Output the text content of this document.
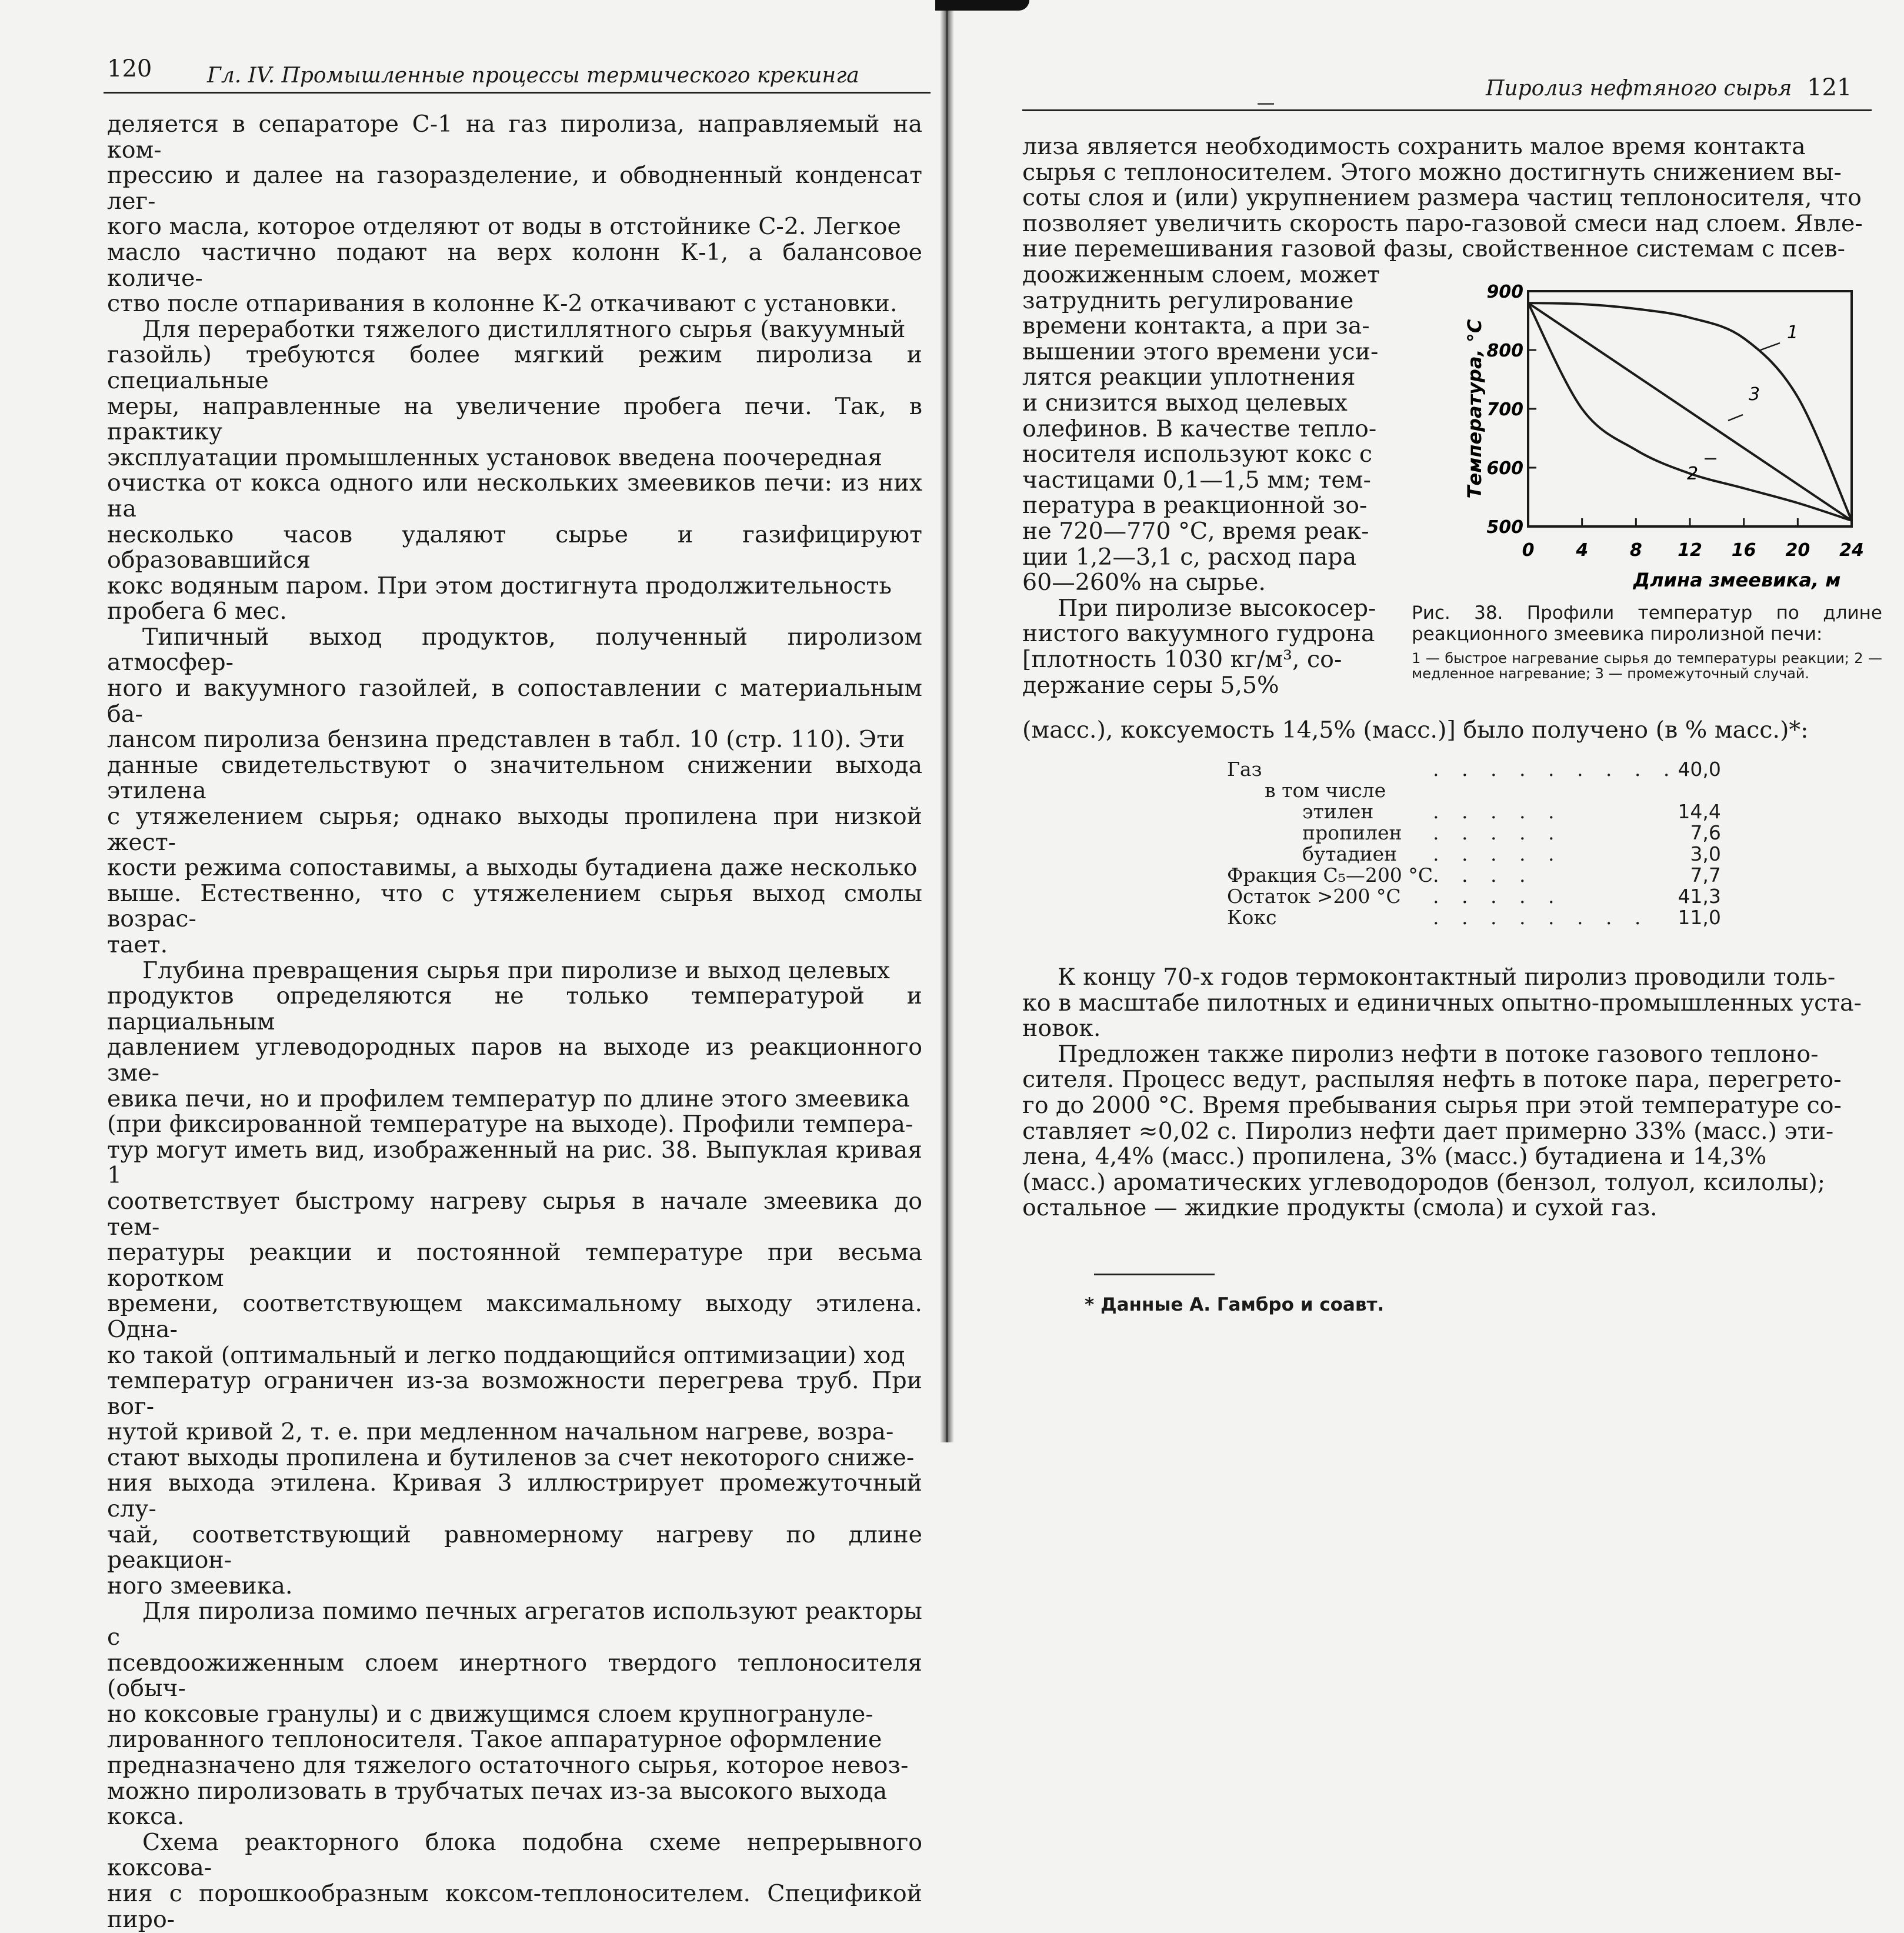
120	Гл. IV. Промышленные процессы термического крекинга

деляется в сепараторе С-1 на газ пиролиза, направляемый на ком-

прессию и далее на газоразделение, и обводненный конденсат лег-

кого масла, которое отделяют от воды в отстойнике С-2. Легкое

масло частично подают на верх колонн К-1, а балансовое количе-

ство после отпаривания в колонне К-2 откачивают с установки.

Для переработки тяжелого дистиллятного сырья (вакуумный

газойль) требуются более мягкий режим пиролиза и специальные

меры, направленные на увеличение пробега печи. Так, в практику

эксплуатации промышленных установок введена поочередная

очистка от кокса одного или нескольких змеевиков печи: из них на

несколько часов удаляют сырье и газифицируют образовавшийся

кокс водяным паром. При этом достигнута продолжительность

пробега 6 мес.

Типичный выход продуктов, полученный пиролизом атмосфер-

ного и вакуумного газойлей, в сопоставлении с материальным ба-

лансом пиролиза бензина представлен в табл. 10 (стр. 110). Эти

данные свидетельствуют о значительном снижении выхода этилена

с утяжелением сырья; однако выходы пропилена при низкой жест-

кости режима сопоставимы, а выходы бутадиена даже несколько

выше. Естественно, что с утяжелением сырья выход смолы возрас-

тает.

Глубина превращения сырья при пиролизе и выход целевых

продуктов определяются не только температурой и парциальным

давлением углеводородных паров на выходе из реакционного зме-

евика печи, но и профилем температур по длине этого змеевика

(при фиксированной температуре на выходе). Профили темпера-

тур могут иметь вид, изображенный на рис. 38. Выпуклая кривая 1

соответствует быстрому нагреву сырья в начале змеевика до тем-

пературы реакции и постоянной температуре при весьма коротком

времени, соответствующем максимальному выходу этилена. Одна-

ко такой (оптимальный и легко поддающийся оптимизации) ход

температур ограничен из-за возможности перегрева труб. При вог-

нутой кривой 2, т. е. при медленном начальном нагреве, возра-

стают выходы пропилена и бутиленов за счет некоторого сниже-

ния выхода этилена. Кривая 3 иллюстрирует промежуточный слу-

чай, соответствующий равномерному нагреву по длине реакцион-

ного змеевика.

Для пиролиза помимо печных агрегатов используют реакторы с

псевдоожиженным слоем инертного твердого теплоносителя (обыч-

но коксовые гранулы) и с движущимся слоем крупногрануле-

лированного теплоносителя. Такое аппаратурное оформление

предназначено для тяжелого остаточного сырья, которое невоз-

можно пиролизовать в трубчатых печах из-за высокого выхода

кокса.

Схема реакторного блока подобна схеме непрерывного коксова-

ния с порошкообразным коксом-теплоносителем. Спецификой пиро-

Пиролиз нефтяного сырья 121

лиза является необходимость сохранить малое время контакта

сырья с теплоносителем. Этого можно достигнуть снижением вы-

соты слоя и (или) укрупнением размера частиц теплоносителя, что

позволяет увеличить скорость паро-газовой смеси над слоем. Явле-

ние перемешивания газовой фазы, свойственное системам с псев-

доожиженным слоем, может

затруднить регулирование

времени контакта, а при за-

вышении этого времени уси-

лятся реакции уплотнения

и снизится выход целевых

олефинов. В качестве тепло-

носителя используют кокс с

частицами 0,1—1,5 мм; тем-

пература в реакционной зо-

не 720—770 °С, время реак-

ции 1,2—3,1 с, расход пара

60—260% на сырье.

При пиролизе высокосер-

нистого вакуумного гудрона

[плотность 1030 кг/м³, со-

держание серы 5,5%

(масс.), коксуемость 14,5% (масс.)] было получено (в % масс.)*:

0 4 8 12 16 20 24
500
600
700
800
900
Длина змеевика, м
Температура, °С	1
2
3

Рис. 38. Профили температур по длине реакционного змеевика пиролизной печи:

1 — быстрое нагревание сырья до температуры реакции; 2 — медленное нагревание; 3 — промежуточный случай.

Газ	. . . . . . . . .	40,0
в том числе		
этилен	. . . . .	14,4
пропилен	. . . . .	7,6
бутадиен	. . . . .	3,0
Фракция С₅—200 °С	. . . .	7,7
Остаток >200 °С	. . . . .	41,3
Кокс	. . . . . . . .	11,0

К концу 70-х годов термоконтактный пиролиз проводили толь-

ко в масштабе пилотных и единичных опытно-промышленных уста-

новок.

Предложен также пиролиз нефти в потоке газового теплоно-

сителя. Процесс ведут, распыляя нефть в потоке пара, перегрето-

го до 2000 °С. Время пребывания сырья при этой температуре со-

ставляет ≈0,02 с. Пиролиз нефти дает примерно 33% (масс.) эти-

лена, 4,4% (масс.) пропилена, 3% (масс.) бутадиена и 14,3%

(масс.) ароматических углеводородов (бензол, толуол, ксилолы);

остальное — жидкие продукты (смола) и сухой газ.

* Данные А. Гамбро и соавт.
